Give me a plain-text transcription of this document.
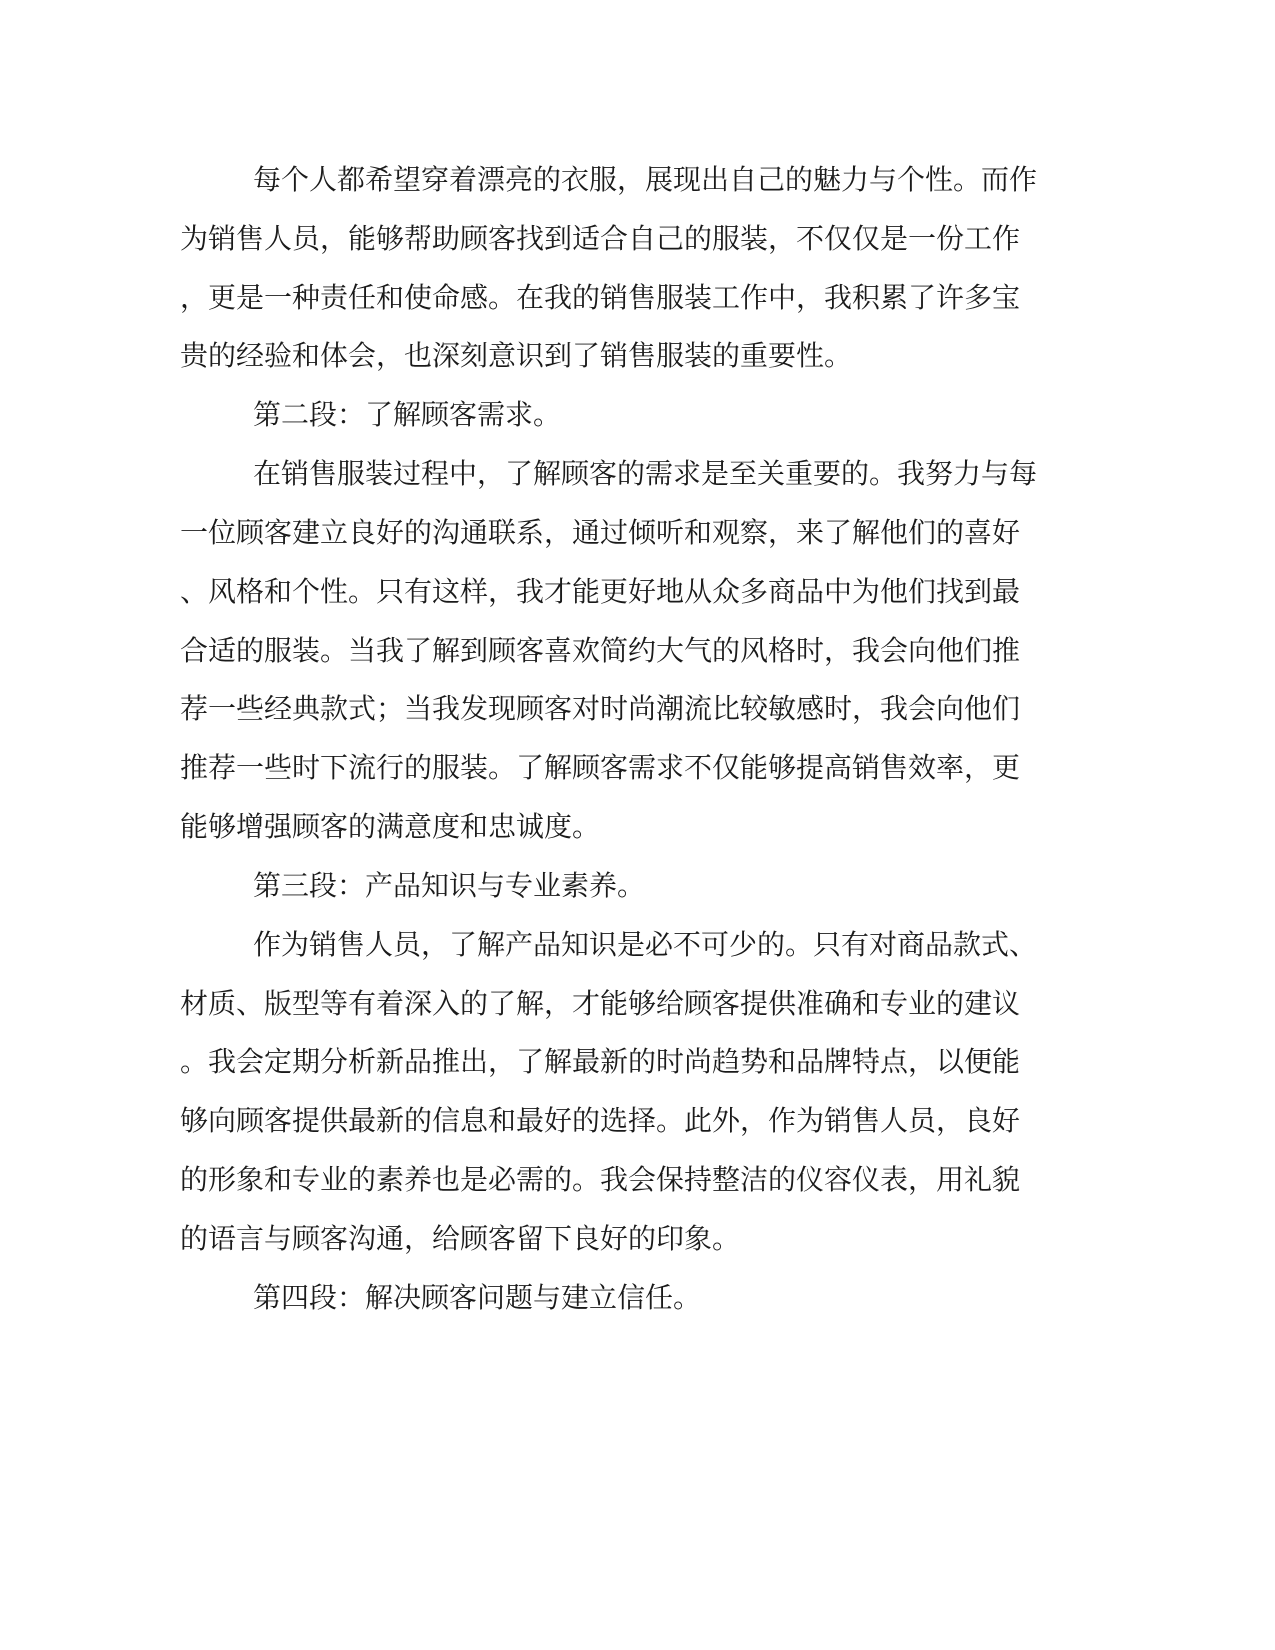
每个人都希望穿着漂亮的衣服，展现出自己的魅力与个性。而作
为销售人员，能够帮助顾客找到适合自己的服装，不仅仅是一份工作
，更是一种责任和使命感。在我的销售服装工作中，我积累了许多宝
贵的经验和体会，也深刻意识到了销售服装的重要性。
第二段：了解顾客需求。
在销售服装过程中，了解顾客的需求是至关重要的。我努力与每
一位顾客建立良好的沟通联系，通过倾听和观察，来了解他们的喜好
、风格和个性。只有这样，我才能更好地从众多商品中为他们找到最
合适的服装。当我了解到顾客喜欢简约大气的风格时，我会向他们推
荐一些经典款式；当我发现顾客对时尚潮流比较敏感时，我会向他们
推荐一些时下流行的服装。了解顾客需求不仅能够提高销售效率，更
能够增强顾客的满意度和忠诚度。
第三段：产品知识与专业素养。
作为销售人员，了解产品知识是必不可少的。只有对商品款式、
材质、版型等有着深入的了解，才能够给顾客提供准确和专业的建议
。我会定期分析新品推出，了解最新的时尚趋势和品牌特点，以便能
够向顾客提供最新的信息和最好的选择。此外，作为销售人员，良好
的形象和专业的素养也是必需的。我会保持整洁的仪容仪表，用礼貌
的语言与顾客沟通，给顾客留下良好的印象。
第四段：解决顾客问题与建立信任。
